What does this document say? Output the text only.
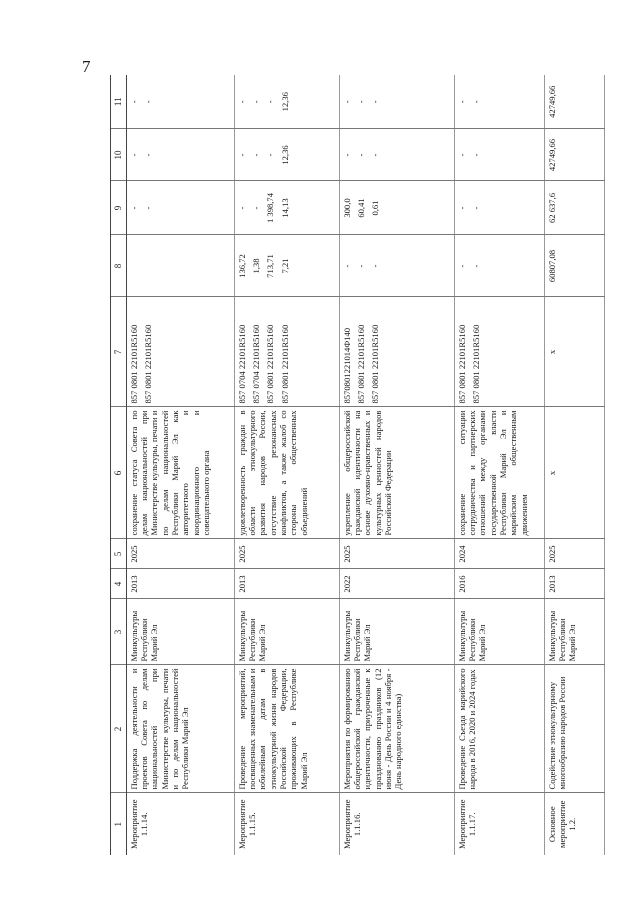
7
1	2	3	4	5	6	7	8	9	10	11
Мероприятие 1.1.14.	Поддержка деятельности и проектов Совета по делам национальностей при Министерстве культуры, печати и по делам национальностей Республики Марий Эл	Минкультуры Республики Марий Эл	2013	2025	сохранение статуса Совета по делам национальностей при Министерстве культуры, печати и по делам национальностей Республики Марий Эл как авторитетного и координационного и совещательного органа	857 0801 22101R5160 857 0801 22101R5160		- -	- -	- -

Мероприятие 1.1.15.	Проведение мероприятий, посвященных знаменательным и юбилейным датам в этнокультурной жизни народов Российской Федерации, проживающих в Республике Марий Эл	Минкультуры Республики Марий Эл	2013	2025	удовлетворенность граждан в области этнокультурного развития народов России, отсутствие резонансных конфликтов, а также жалоб со стороны общественных объединений	857 0704 22101R5160 857 0704 22101R5160 857 0801 22101R5160 857 0801 22101R5160	136,72 1,38 713,71 7,21	- - 1 398,74 14,13	- - - 12,36	- - - 12,36

Мероприятие 1.1.16.	Мероприятия по формированию общероссийской гражданской идентичности, приуроченные к празднованию праздников (12 июня - День России и 4 ноября - День народного единства)	Минкультуры Республики Марий Эл	2022	2025	укрепление общероссийской гражданской идентичности на основе духовно-нравственных и культурных ценностей народов Российской Федерации	8570801221014Ф140 857 0801 22101R5160 857 0801 22101R5160	- - -	300,0 60,41 0,61	- - -	- - -

Мероприятие 1.1.17.	Проведение Съезда марийского народа в 2016, 2020 и 2024 годах	Минкультуры Республики Марий Эл	2016	2024	сохранение ситуации сотрудничества и партнерских отношений между органами государственной власти Республики Марий Эл и марийским общественным движением	857 0801 22101R5160 857 0801 22101R5160	- -	- -	- -	- -

Основное мероприятие 1.2.	Содействие этнокультурному многообразию народов России	Минкультуры Республики Марий Эл	2013	2025	x	x	60807,08	62 637,6	42749,66	42749,66
